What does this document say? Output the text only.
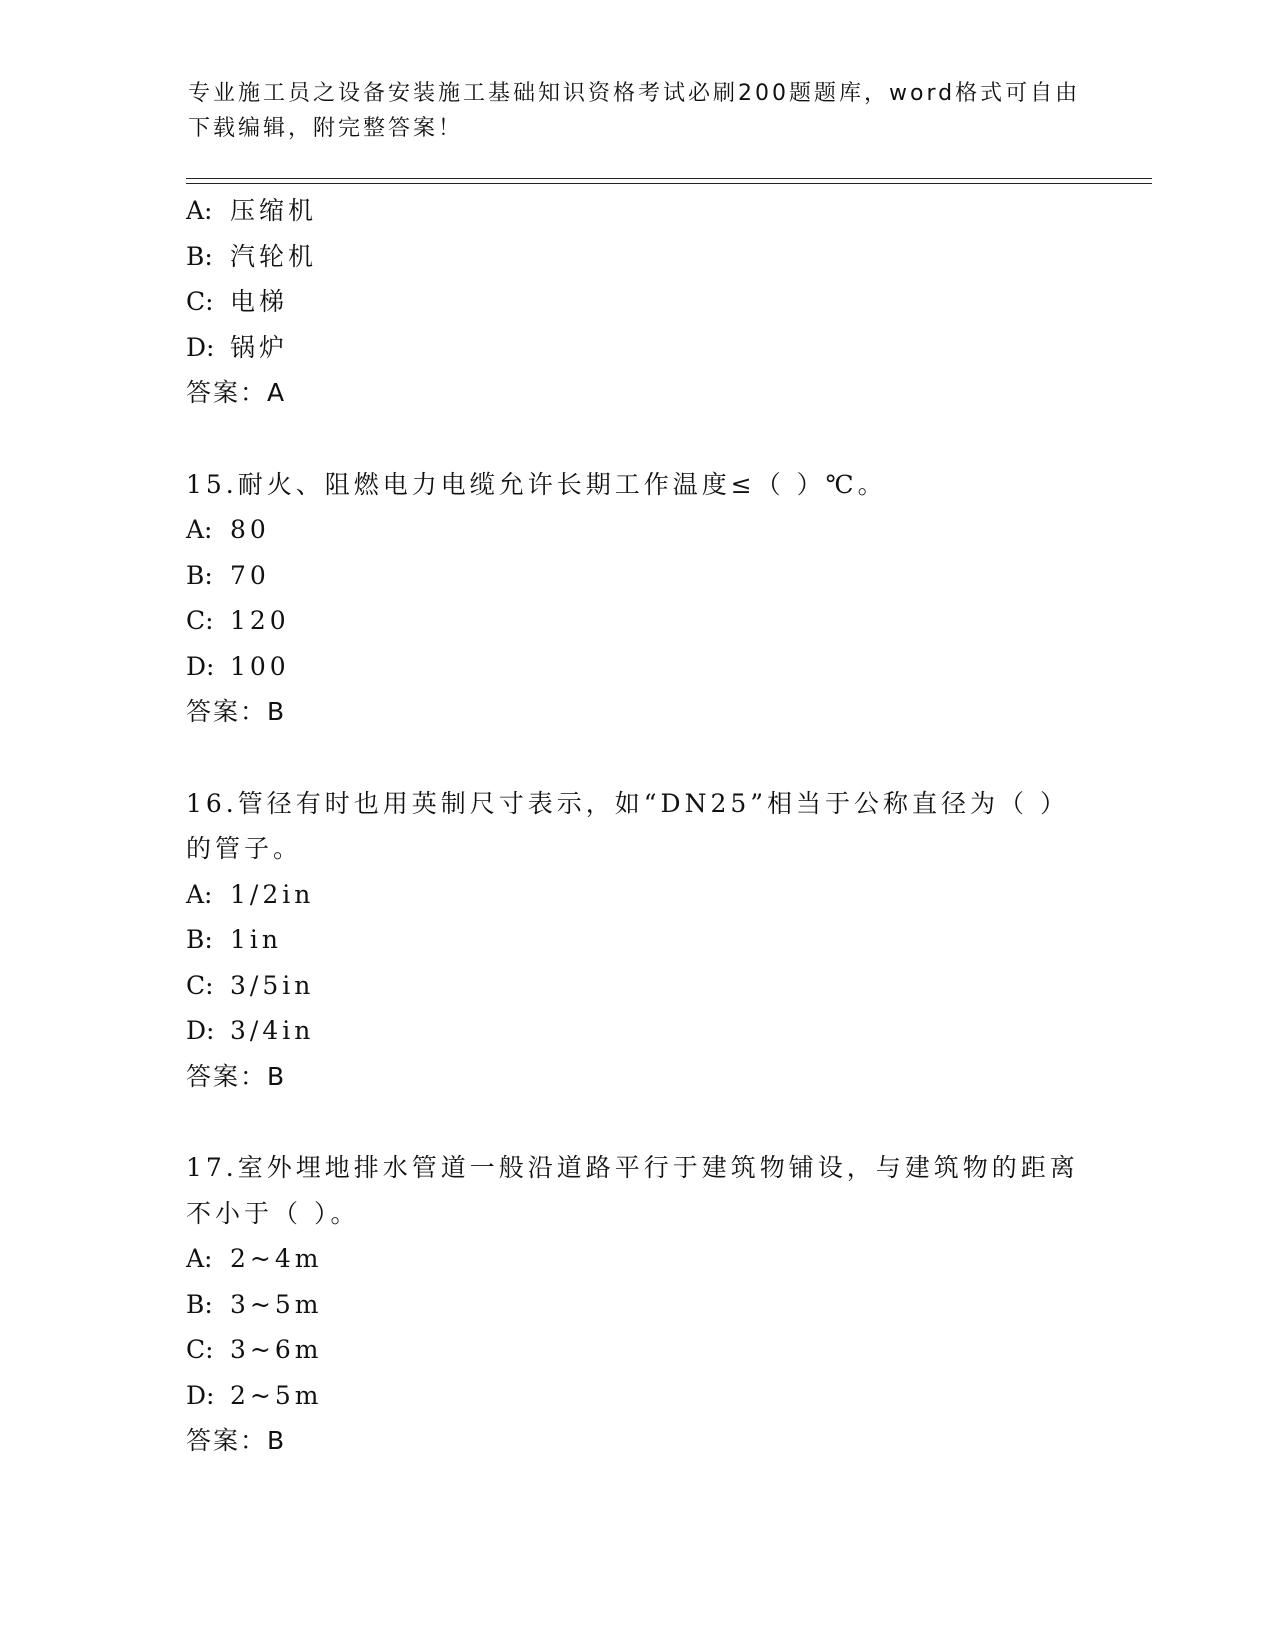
专业施工员之设备安装施工基础知识资格考试必刷200题题库，word格式可自由
下载编辑，附完整答案！
A: 压缩机
B: 汽轮机
C: 电梯
D: 锅炉
答案：A
15.耐火、阻燃电力电缆允许长期工作温度≤（ ）℃。
A: 80
B: 70
C: 120
D: 100
答案：B
16.管径有时也用英制尺寸表示，如“DN25”相当于公称直径为（ ）
的管子。
A: 1/2in
B: 1in
C: 3/5in
D: 3/4in
答案：B
17.室外埋地排水管道一般沿道路平行于建筑物铺设，与建筑物的距离
不小于（ ）。
A: 2~4m
B: 3~5m
C: 3~6m
D: 2~5m
答案：B
